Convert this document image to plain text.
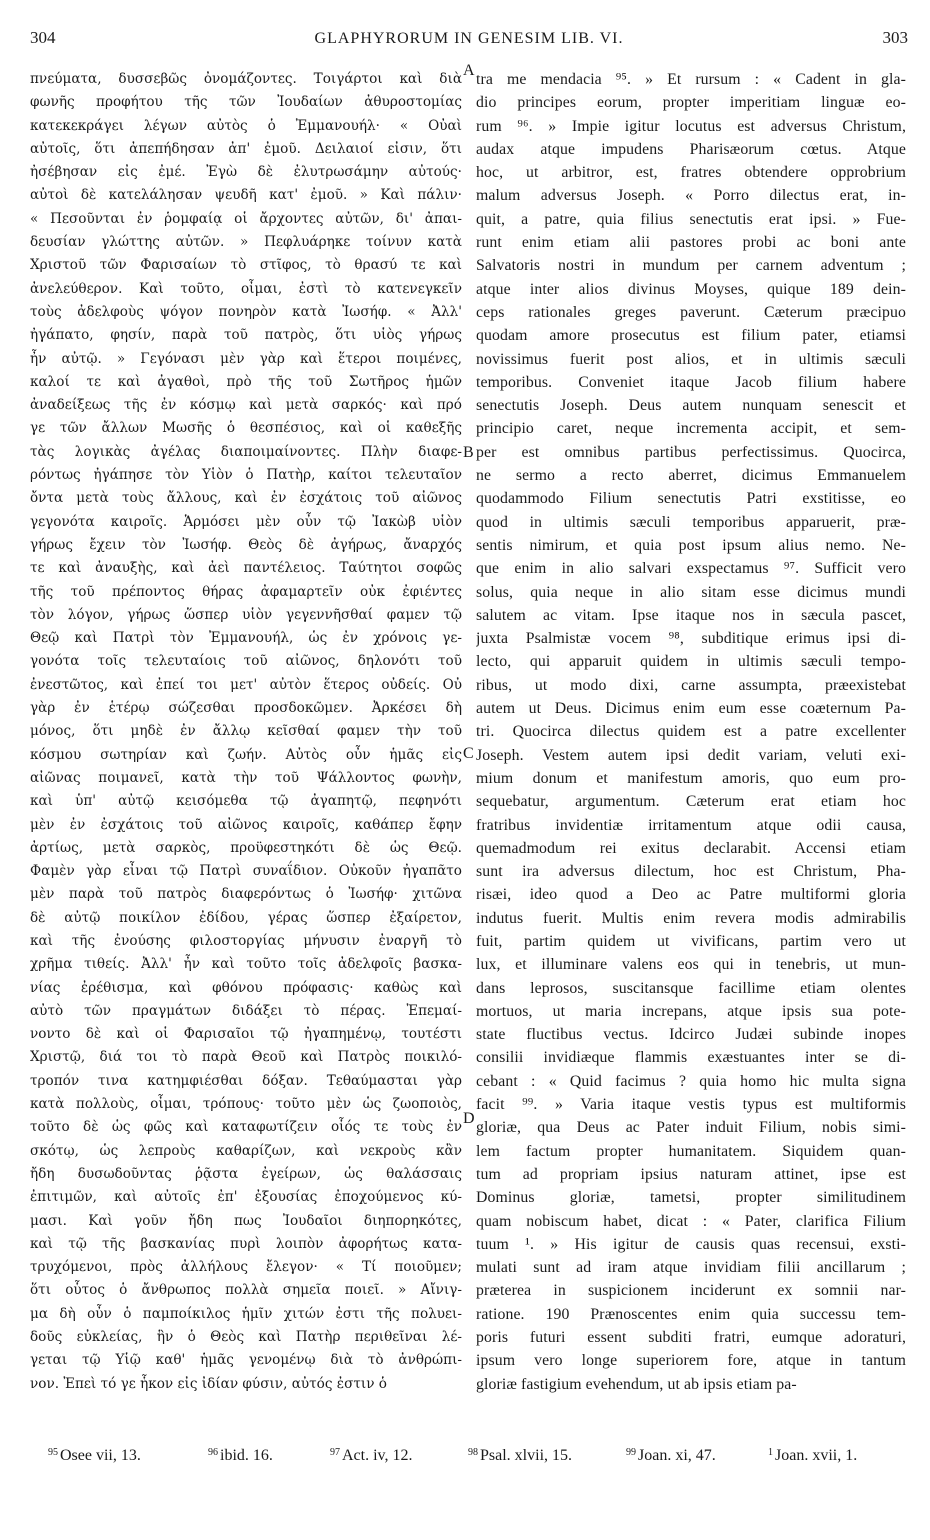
304	GLAPHYRORUM IN GENESIM LIB. VI.	303
πνεύματα, δυσσεβῶς ὀνομάζοντες. Τοιγάρτοι καὶ διὰ
φωνῆς προφήτου τῆς τῶν Ἰουδαίων ἀθυροστομίας
κατεκεκράγει λέγων αὐτὸς ὁ Ἐμμανουήλ· « Οὐαὶ
αὐτοῖς, ὅτι ἀπεπήδησαν ἀπ' ἐμοῦ. Δειλαιοί εἰσιν, ὅτι
ἠσέβησαν εἰς ἐμέ. Ἐγὼ δὲ ἐλυτρωσάμην αὐτούς·
αὐτοὶ δὲ κατελάλησαν ψευδῆ κατ' ἐμοῦ. » Καὶ πάλιν·
« Πεσοῦνται ἐν ῥομφαίᾳ οἱ ἄρχοντες αὐτῶν, δι' ἀπαι-
δευσίαν γλώττης αὐτῶν. » Πεφλυάρηκε τοίνυν κατὰ
Χριστοῦ τῶν Φαρισαίων τὸ στῖφος, τὸ θρασύ τε καὶ
ἀνελεύθερον. Καὶ τοῦτο, οἶμαι, ἐστὶ τὸ κατενεγκεῖν
τοὺς ἀδελφοὺς ψόγον πονηρὸν κατὰ Ἰωσήφ. « Ἀλλ'
ἠγάπατο, φησίν, παρὰ τοῦ πατρὸς, ὅτι υἱὸς γήρως
ἦν αὐτῷ. » Γεγόνασι μὲν γὰρ καὶ ἕτεροι ποιμένες,
καλοί τε καὶ ἀγαθοὶ, πρὸ τῆς τοῦ Σωτῆρος ἡμῶν
ἀναδείξεως τῆς ἐν κόσμῳ καὶ μετὰ σαρκός· καὶ πρό
γε τῶν ἄλλων Μωσῆς ὁ θεσπέσιος, καὶ οἱ καθεξῆς
τὰς λογικὰς ἀγέλας διαποιμαίνοντες. Πλὴν διαφε-
ρόντως ἠγάπησε τὸν Υἱὸν ὁ Πατὴρ, καίτοι τελευταῖον
ὄντα μετὰ τοὺς ἄλλους, καὶ ἐν ἐσχάτοις τοῦ αἰῶνος
γεγονότα καιροῖς. Ἁρμόσει μὲν οὖν τῷ Ἰακὼβ υἱὸν
γήρως ἔχειν τὸν Ἰωσήφ. Θεὸς δὲ ἀγήρως, ἄναρχός
τε καὶ ἀναυξὴς, καὶ ἀεὶ παντέλειος. Ταύτητοι σοφῶς
τῆς τοῦ πρέποντος θήρας ἀφαμαρτεῖν οὐκ ἐφιέντες
τὸν λόγον, γήρως ὥσπερ υἱὸν γεγεννῆσθαί φαμεν τῷ
Θεῷ καὶ Πατρὶ τὸν Ἐμμανουήλ, ὡς ἐν χρόνοις γε-
γονότα τοῖς τελευταίοις τοῦ αἰῶνος, δηλονότι τοῦ
ἐνεστῶτος, καὶ ἐπεί τοι μετ' αὐτὸν ἕτερος οὐδείς. Οὐ
γὰρ ἐν ἑτέρῳ σώζεσθαι προσδοκῶμεν. Ἀρκέσει δὴ
μόνος, ὅτι μηδὲ ἐν ἄλλῳ κεῖσθαί φαμεν τὴν τοῦ
κόσμου σωτηρίαν καὶ ζωήν. Αὐτὸς οὖν ἡμᾶς εἰς
αἰῶνας ποιμανεῖ, κατὰ τὴν τοῦ Ψάλλοντος φωνὴν,
καὶ ὑπ' αὐτῷ κεισόμεθα τῷ ἀγαπητῷ, πεφηνότι
μὲν ἐν ἐσχάτοις τοῦ αἰῶνος καιροῖς, καθάπερ ἔφην
ἀρτίως, μετὰ σαρκὸς, προϋφεστηκότι δὲ ὡς Θεῷ.
Φαμὲν γὰρ εἶναι τῷ Πατρὶ συναΐδιον. Οὐκοῦν ἠγαπᾶτο
μὲν παρὰ τοῦ πατρὸς διαφερόντως ὁ Ἰωσήφ· χιτῶνα
δὲ αὐτῷ ποικίλον ἐδίδου, γέρας ὥσπερ ἐξαίρετον,
καὶ τῆς ἐνούσης φιλοστοργίας μήνυσιν ἐναργῆ τὸ
χρῆμα τιθείς. Ἀλλ' ἦν καὶ τοῦτο τοῖς ἀδελφοῖς βασκα-
νίας ἐρέθισμα, καὶ φθόνου πρόφασις· καθὼς καὶ
αὐτὸ τῶν πραγμάτων διδάξει τὸ πέρας. Ἐπεμαί-
νοντο δὲ καὶ οἱ Φαρισαῖοι τῷ ἠγαπημένῳ, τουτέστι
Χριστῷ, διά τοι τὸ παρὰ Θεοῦ καὶ Πατρὸς ποικιλό-
τροπόν τινα κατημφιέσθαι δόξαν. Τεθαύμασται γὰρ
κατὰ πολλοὺς, οἶμαι, τρόπους· τοῦτο μὲν ὡς ζωοποιὸς,
τοῦτο δὲ ὡς φῶς καὶ καταφωτίζειν οἷός τε τοὺς ἐν
σκότῳ, ὡς λεπροὺς καθαρίζων, καὶ νεκροὺς κἂν
ἤδη δυσωδοῦντας ῥᾷστα ἐγείρων, ὡς θαλάσσαις
ἐπιτιμῶν, καὶ αὐτοῖς ἐπ' ἐξουσίας ἐποχούμενος κύ-
μασι. Καὶ γοῦν ἤδη πως Ἰουδαῖοι διηπορηκότες,
καὶ τῷ τῆς βασκανίας πυρὶ λοιπὸν ἀφορήτως κατα-
τρυχόμενοι, πρὸς ἀλλήλους ἔλεγον· « Τί ποιοῦμεν;
ὅτι οὗτος ὁ ἄνθρωπος πολλὰ σημεῖα ποιεῖ. » Αἴνιγ-
μα δὴ οὖν ὁ παμποίκιλος ἡμῖν χιτών ἐστι τῆς πολυει-
δοῦς εὐκλείας, ἣν ὁ Θεὸς καὶ Πατὴρ περιθεῖναι λέ-
γεται τῷ Υἱῷ καθ' ἡμᾶς γενομένῳ διὰ τὸ ἀνθρώπι-
νον. Ἐπεὶ τό γε ἧκον εἰς ἰδίαν φύσιν, αὐτός ἐστιν ὁ
A
B
C
D
tra me mendacia ⁹⁵. » Et rursum : « Cadent in gla-
dio principes eorum, propter imperitiam linguæ eo-
rum ⁹⁶. » Impie igitur locutus est adversus Christum,
audax atque impudens Pharisæorum cœtus. Atque
hoc, ut arbitror, est, fratres obtendere opprobrium
malum adversus Joseph. « Porro dilectus erat, in-
quit, a patre, quia filius senectutis erat ipsi. » Fue-
runt enim etiam alii pastores probi ac boni ante
Salvatoris nostri in mundum per carnem adventum ;
atque inter alios divinus Moyses, quique 189 dein-
ceps rationales greges paverunt. Cæterum præcipuo
quodam amore prosecutus est filium pater, etiamsi
novissimus fuerit post alios, et in ultimis sæculi
temporibus. Conveniet itaque Jacob filium habere
senectutis Joseph. Deus autem nunquam senescit et
principio caret, neque incrementa accipit, et sem-
per est omnibus partibus perfectissimus. Quocirca,
ne sermo a recto aberret, dicimus Emmanuelem
quodammodo Filium senectutis Patri exstitisse, eo
quod in ultimis sæculi temporibus apparuerit, præ-
sentis nimirum, et quia post ipsum alius nemo. Ne-
que enim in alio salvari exspectamus ⁹⁷. Sufficit vero
solus, quia neque in alio sitam esse dicimus mundi
salutem ac vitam. Ipse itaque nos in sæcula pascet,
juxta Psalmistæ vocem ⁹⁸, subditique erimus ipsi di-
lecto, qui apparuit quidem in ultimis sæculi tempo-
ribus, ut modo dixi, carne assumpta, præexistebat
autem ut Deus. Dicimus enim eum esse coæternum Pa-
tri. Quocirca dilectus quidem est a patre excellenter
Joseph. Vestem autem ipsi dedit variam, veluti exi-
mium donum et manifestum amoris, quo eum pro-
sequebatur, argumentum. Cæterum erat etiam hoc
fratribus invidentiæ irritamentum atque odii causa,
quemadmodum rei exitus declarabit. Accensi etiam
sunt ira adversus dilectum, hoc est Christum, Pha-
risæi, ideo quod a Deo ac Patre multiformi gloria
indutus fuerit. Multis enim revera modis admirabilis
fuit, partim quidem ut vivificans, partim vero ut
lux, et illuminare valens eos qui in tenebris, ut mun-
dans leprosos, suscitansque facillime etiam olentes
mortuos, ut maria increpans, atque ipsis sua pote-
state fluctibus vectus. Idcirco Judæi subinde inopes
consilii invidiæque flammis exæstuantes inter se di-
cebant : « Quid facimus ? quia homo hic multa signa
facit ⁹⁹. » Varia itaque vestis typus est multiformis
gloriæ, qua Deus ac Pater induit Filium, nobis simi-
lem factum propter humanitatem. Siquidem quan-
tum ad propriam ipsius naturam attinet, ipse est
Dominus gloriæ, tametsi, propter similitudinem
quam nobiscum habet, dicat : « Pater, clarifica Filium
tuum ¹. » His igitur de causis quas recensui, exsti-
mulati sunt ad iram atque invidiam filii ancillarum ;
præterea in suspicionem inciderunt ex somnii nar-
ratione. 190 Prænoscentes enim quia successu tem-
poris futuri essent subditi fratri, eumque adoraturi,
ipsum vero longe superiorem fore, atque in tantum
gloriæ fastigium evehendum, ut ab ipsis etiam pa-
$^{95}$ Osee vii, 13.	$^{96}$ ibid. 16.	$^{97}$ Act. iv, 12.	$^{98}$ Psal. xlvii, 15.	$^{99}$ Joan. xi, 47.	$^1$ Joan. xvii, 1.
